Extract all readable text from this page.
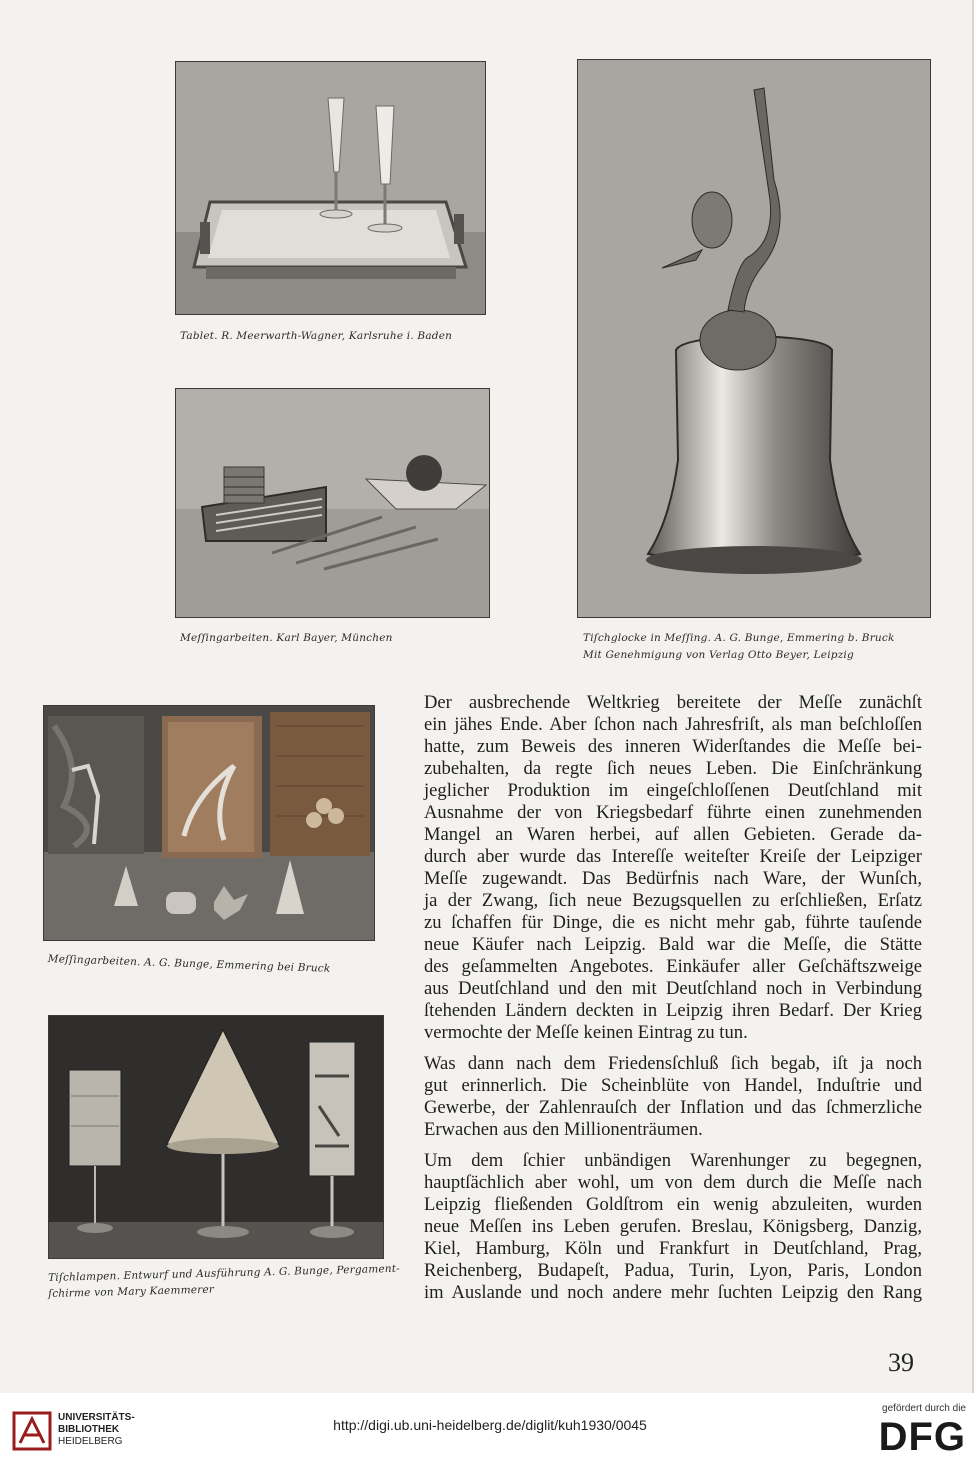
Tablet. R. Meerwarth-Wagner, Karlsruhe i. Baden
Meſſingarbeiten. Karl Bayer, München	Tiſchglocke in Meſſing. A. G. Bunge, Emmering b. Bruck
Mit Genehmigung von Verlag Otto Beyer, Leipzig
Meſſingarbeiten. A. G. Bunge, Emmering bei Bruck
Tiſchlampen. Entwurf und Ausführung A. G. Bunge, Pergament-
ſchirme von Mary Kaemmerer
Der ausbrechende Weltkrieg bereitete der Meſſe zunächſt
ein jähes Ende. Aber ſchon nach Jahresfriſt, als man beſchloſſen
hatte, zum Beweis des inneren Widerſtandes die Meſſe bei-
zubehalten, da regte ſich neues Leben. Die Einſchränkung
jeglicher Produktion im eingeſchloſſenen Deutſchland mit
Ausnahme der von Kriegsbedarf führte einen zunehmenden
Mangel an Waren herbei, auf allen Gebieten. Gerade da-
durch aber wurde das Intereſſe weiteſter Kreiſe der Leipziger
Meſſe zugewandt. Das Bedürfnis nach Ware, der Wunſch,
ja der Zwang, ſich neue Bezugsquellen zu erſchließen, Erſatz
zu ſchaffen für Dinge, die es nicht mehr gab, führte tauſende
neue Käufer nach Leipzig. Bald war die Meſſe, die Stätte
des geſammelten Angebotes. Einkäufer aller Geſchäftszweige
aus Deutſchland und den mit Deutſchland noch in Verbindung
ſtehenden Ländern deckten in Leipzig ihren Bedarf. Der Krieg
vermochte der Meſſe keinen Eintrag zu tun.
Was dann nach dem Friedensſchluß ſich begab, iſt ja noch
gut erinnerlich. Die Scheinblüte von Handel, Induſtrie und
Gewerbe, der Zahlenrauſch der Inflation und das ſchmerzliche
Erwachen aus den Millionenträumen.
Um dem ſchier unbändigen Warenhunger zu begegnen,
hauptſächlich aber wohl, um von dem durch die Meſſe nach
Leipzig fließenden Goldſtrom ein wenig abzuleiten, wurden
neue Meſſen ins Leben gerufen. Breslau, Königsberg, Danzig,
Kiel, Hamburg, Köln und Frankfurt in Deutſchland, Prag,
Reichenberg, Budapeſt, Padua, Turin, Lyon, Paris, London
im Auslande und noch andere mehr ſuchten Leipzig den Rang
39
UNIVERSITÄTS-
BIBLIOTHEK
HEIDELBERG
http://digi.ub.uni-heidelberg.de/diglit/kuh1930/0045
gefördert durch die
DFG
